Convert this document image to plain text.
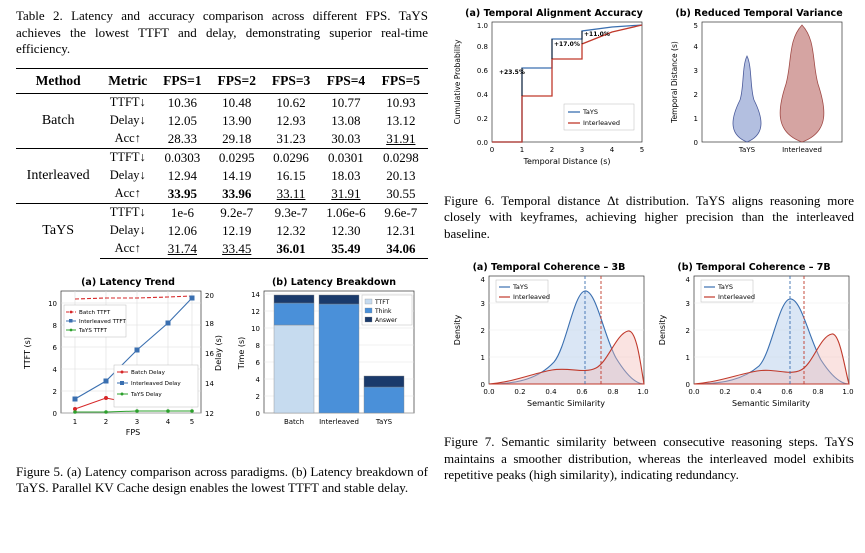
Table 2. Latency and accuracy comparison across different FPS. TaYS achieves the lowest TTFT and delay, demonstrating superior real-time efficiency.
Method	Metric	FPS=1	FPS=2	FPS=3	FPS=4	FPS=5
Batch	TTFT↓	10.36	10.48	10.62	10.77	10.93
	Delay↓	12.05	13.90	12.93	13.08	13.12
	Acc↑	28.33	29.18	31.23	30.03	31.91
Interleaved	TTFT↓	0.0303	0.0295	0.0296	0.0301	0.0298
	Delay↓	12.94	14.19	16.15	18.03	20.13
	Acc↑	33.95	33.96	33.11	31.91	30.55
TaYS	TTFT↓	1e-6	9.2e-7	9.3e-7	1.06e-6	9.6e-7
	Delay↓	12.06	12.19	12.32	12.30	12.31
	Acc↑	31.74	33.45	36.01	35.49	34.06
(a) Latency Trend
0
2
4
6
8
10
12
14
16
18
20
1	2	3	4	5
FPS
TTFT (s)	Delay (s)
Batch Delay
Interleaved Delay
TaYS Delay
Batch TTFT
Interleaved TTFT
TaYS TTFT
(b) Latency Breakdown
0
2
4
6
8
10
12
14
Time (s)
Batch Interleaved TaYS
TTFT
Think
Answer
Figure 5. (a) Latency comparison across paradigms. (b) Latency breakdown of TaYS. Parallel KV Cache design enables the lowest TTFT and stable delay.
(a) Temporal Alignment Accuracy
0.0
0.2
0.4
0.6
0.8
1.0
0	1	2	3	4	5
Temporal Distance (s)
Cumulative Probability	+23.5%
+17.0%
+11.0%
TaYS
Interleaved
(b) Reduced Temporal Variance
0
1
2
3
4
5
TaYS	Interleaved
Temporal Distance (s)
Figure 6. Temporal distance Δt distribution. TaYS aligns reasoning more closely with keyframes, achieving higher precision than the interleaved baseline.
(a) Temporal Coherence – 3B
0
1
2
3
4
0.0	0.2	0.4	0.6	0.8	1.0
Semantic Similarity
Density
TaYS
Interleaved
(b) Temporal Coherence – 7B
0
1
2
3
4
0.0	0.2	0.4	0.6	0.8	1.0
Semantic Similarity
Density
TaYS
Interleaved
Figure 7. Semantic similarity between consecutive reasoning steps. TaYS maintains a smoother distribution, whereas the interleaved model exhibits repetitive peaks (high similarity), indicating redundancy.
